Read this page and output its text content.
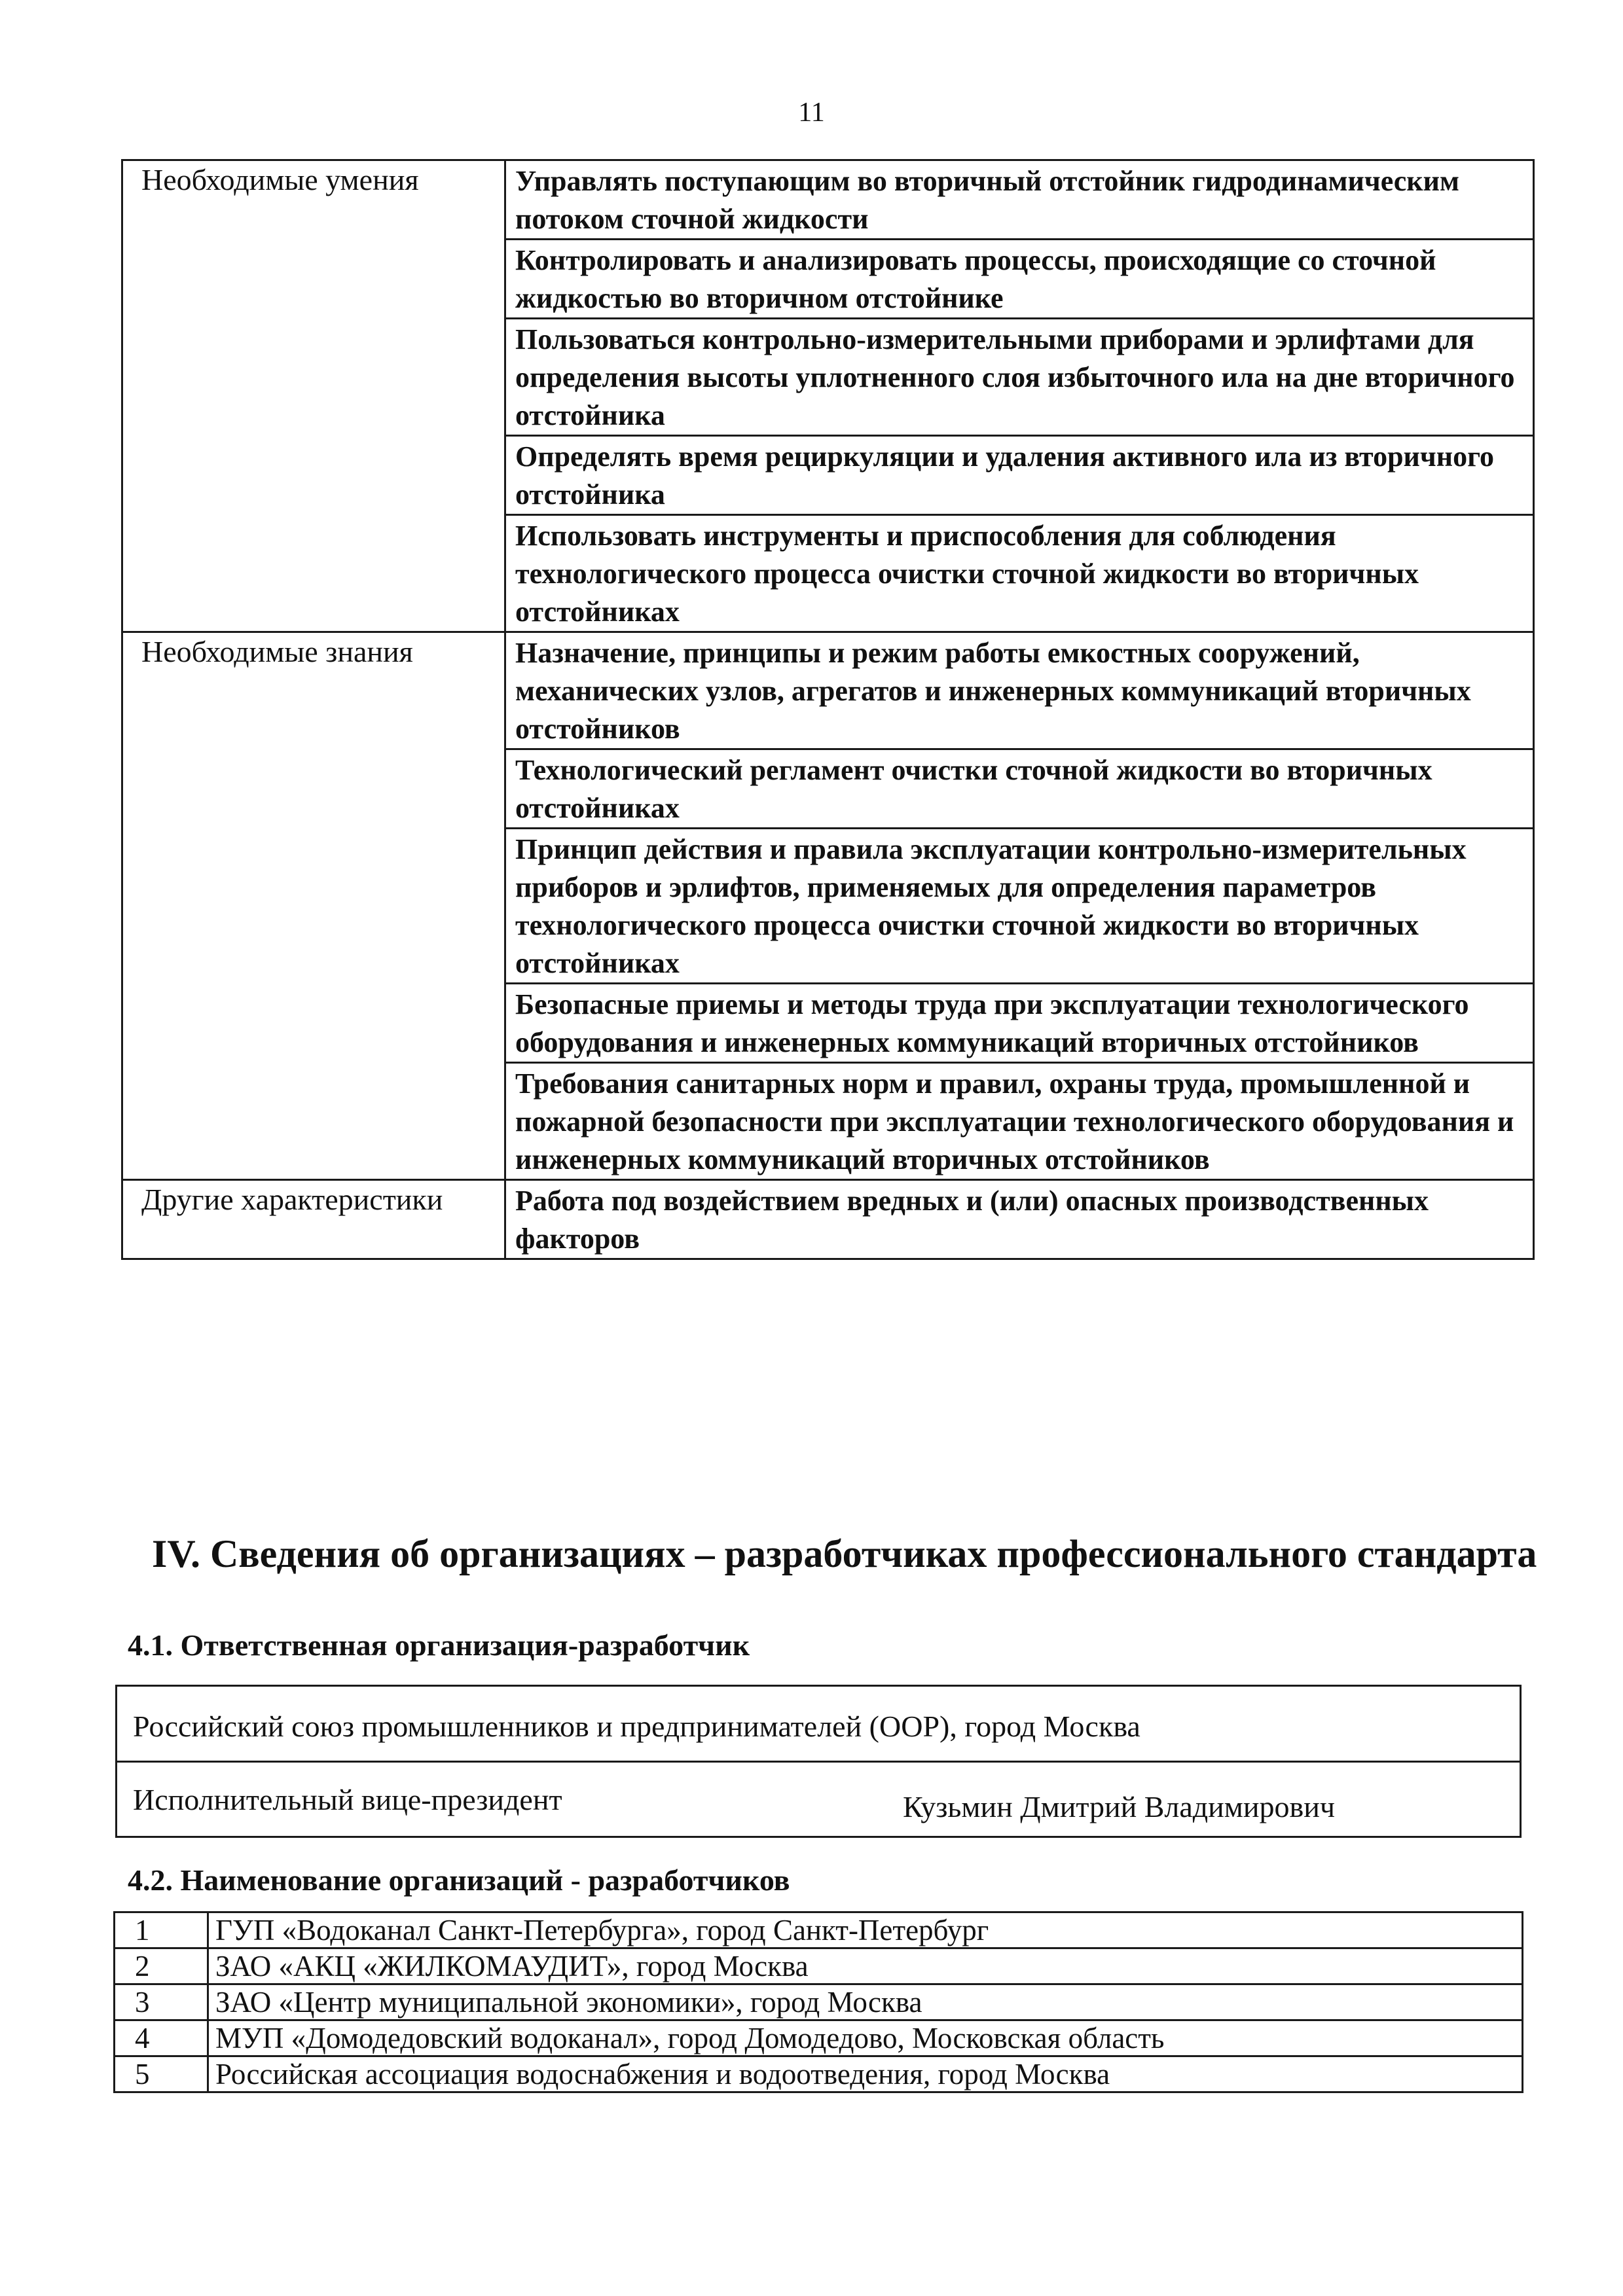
11
Необходимые умения	Управлять поступающим во вторичный отстойник гидродинамическим потоком сточной жидкости
	Контролировать и анализировать процессы, происходящие со сточной жидкостью во вторичном отстойнике
	Пользоваться контрольно-измерительными приборами и эрлифтами для определения высоты уплотненного слоя избыточного ила на дне вторичного отстойника
	Определять время рециркуляции и удаления активного ила из вторичного отстойника
	Использовать инструменты и приспособления для соблюдения технологического процесса очистки сточной жидкости во вторичных отстойниках
Необходимые знания	Назначение, принципы и режим работы емкостных сооружений, механических узлов, агрегатов и инженерных коммуникаций вторичных отстойников
	Технологический регламент очистки сточной жидкости во вторичных отстойниках
	Принцип действия и правила эксплуатации контрольно-измерительных приборов и эрлифтов, применяемых для определения параметров технологического процесса очистки сточной жидкости во вторичных отстойниках
	Безопасные приемы и методы труда при эксплуатации технологического оборудования и инженерных коммуникаций вторичных отстойников
	Требования санитарных норм и правил, охраны труда, промышленной и пожарной безопасности при эксплуатации технологического оборудования и инженерных коммуникаций вторичных отстойников
Другие характеристики	Работа под воздействием вредных и (или) опасных производственных факторов
IV. Сведения об организациях – разработчиках профессионального стандарта
4.1. Ответственная организация-разработчик
Российский союз промышленников и предпринимателей (ООР), город Москва
Исполнительный вице-президент	Кузьмин Дмитрий Владимирович
4.2. Наименование организаций - разработчиков
1	ГУП «Водоканал Санкт-Петербурга», город Санкт-Петербург
2	ЗАО «АКЦ «ЖИЛКОМАУДИТ», город Москва
3	ЗАО «Центр муниципальной экономики», город Москва
4	МУП «Домодедовский водоканал», город Домодедово, Московская область
5	Российская ассоциация водоснабжения и водоотведения, город Москва
